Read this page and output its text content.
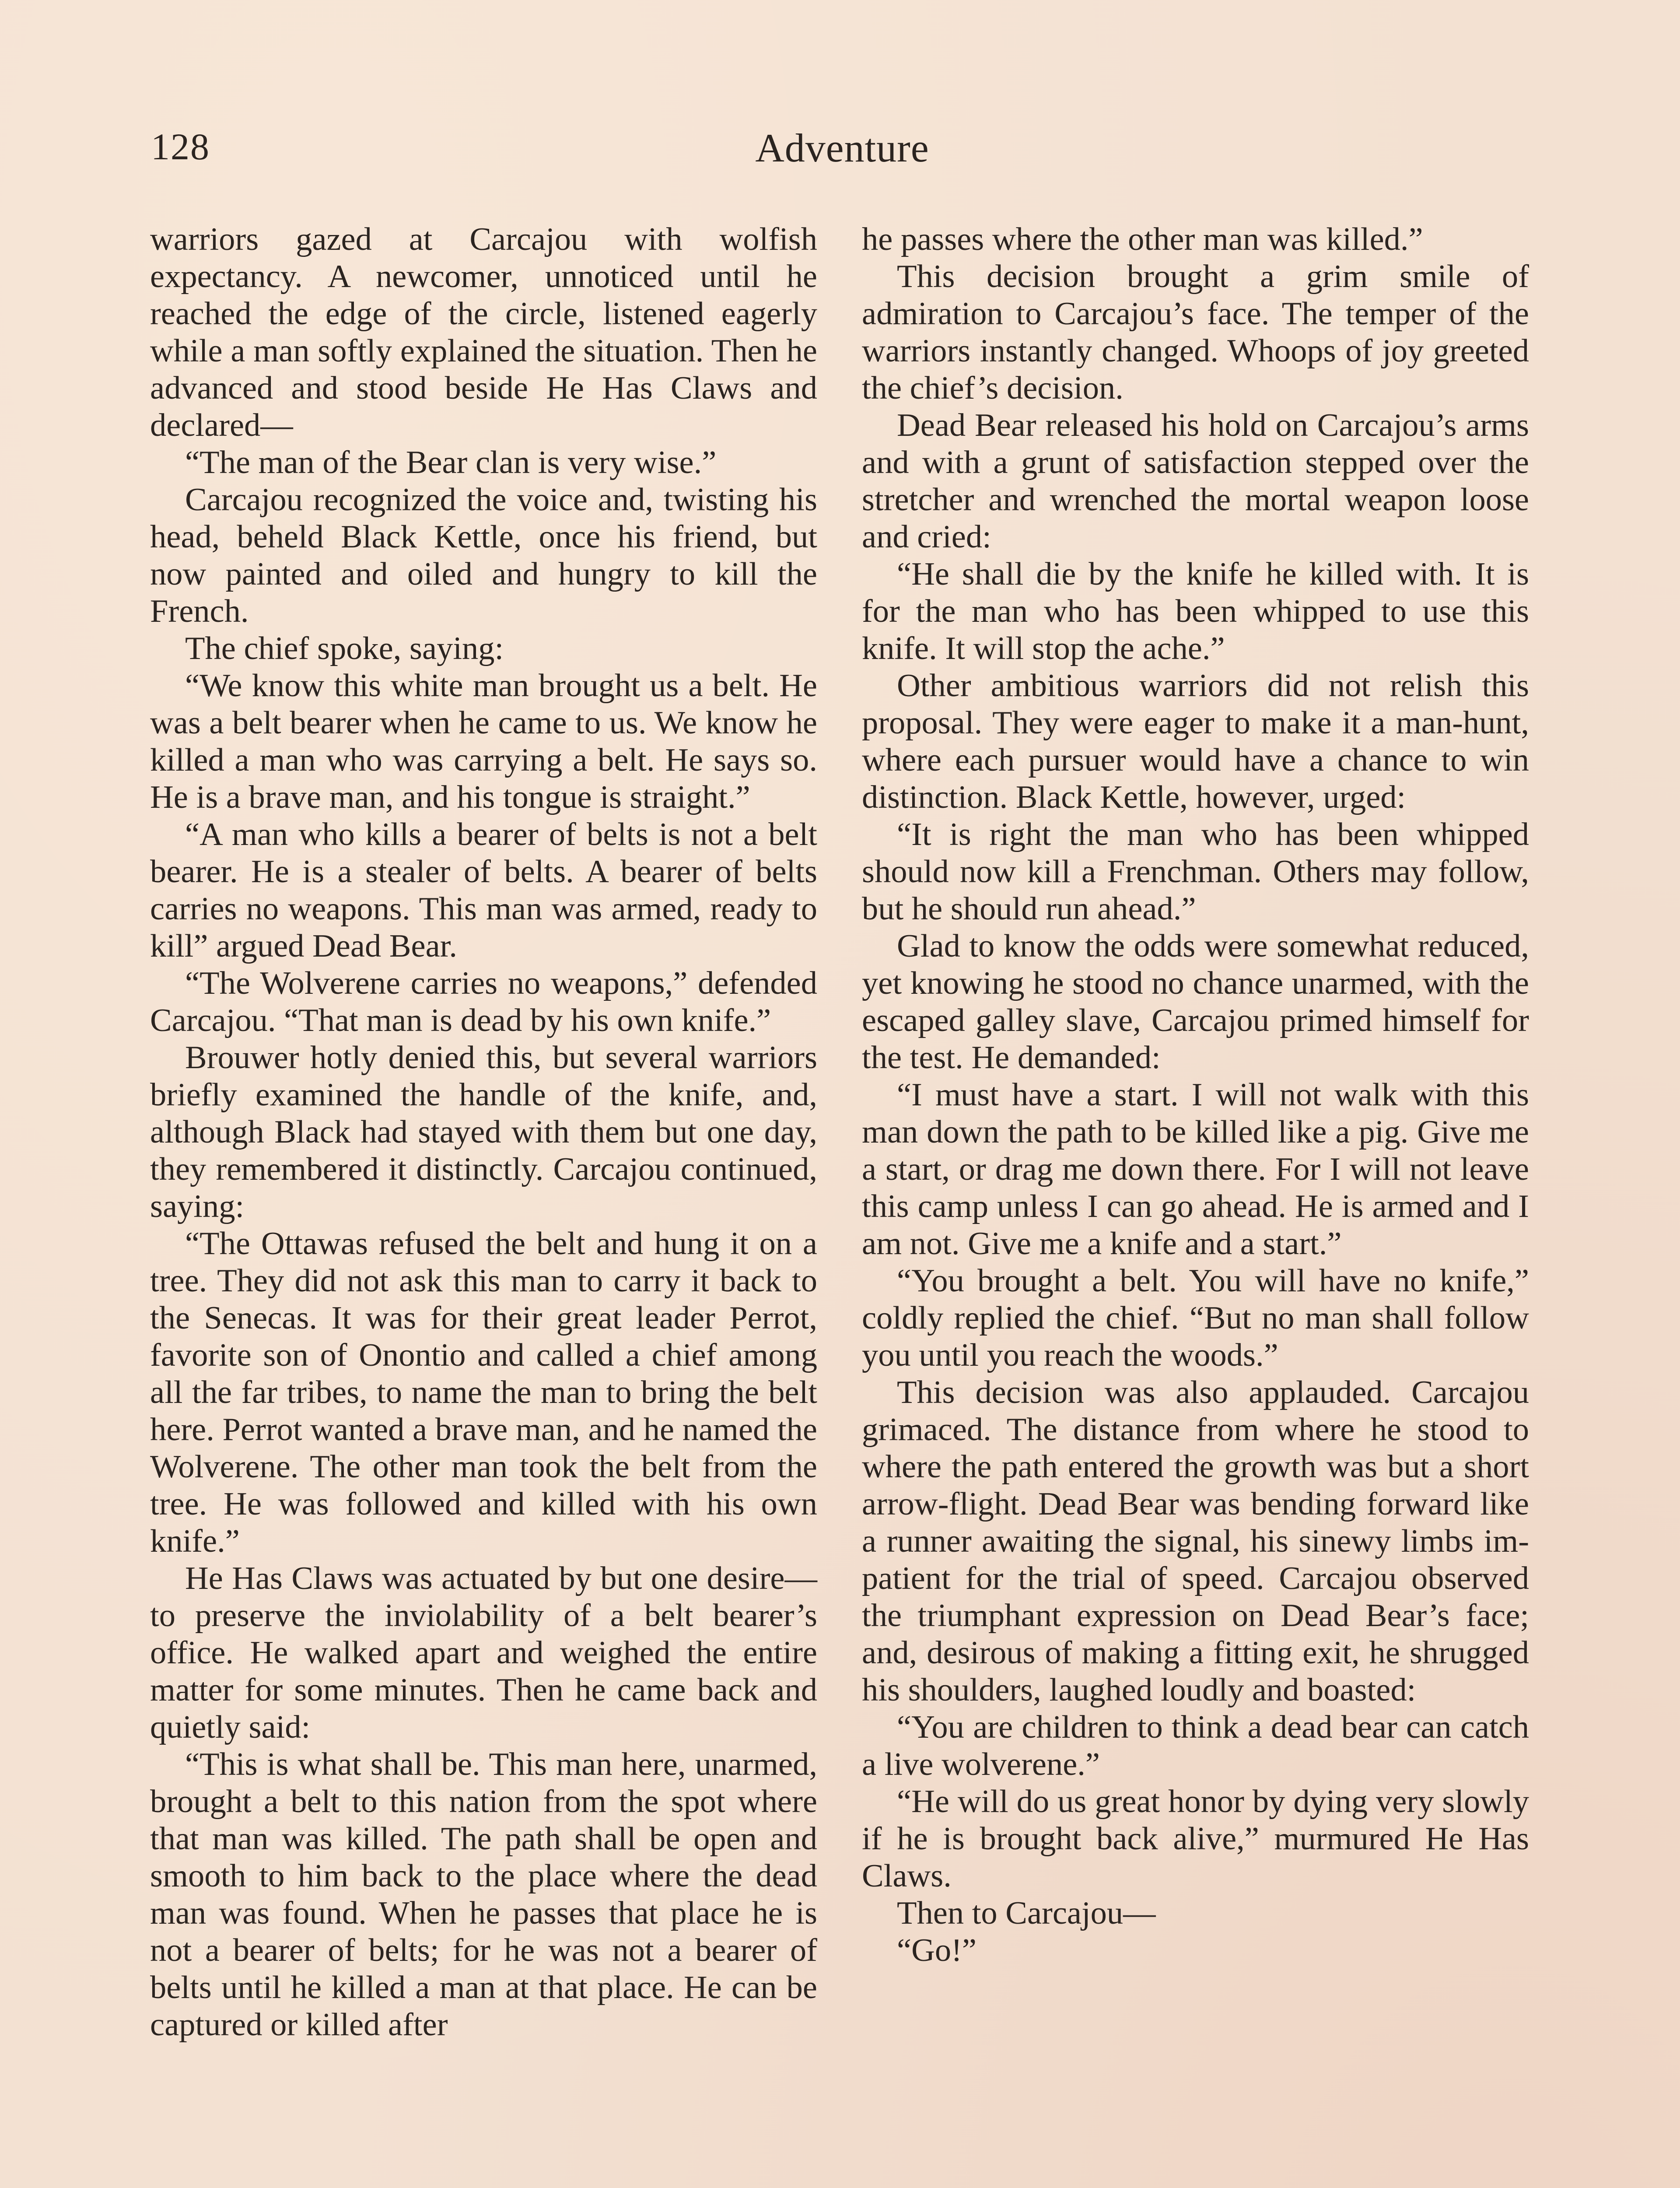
128	Adventure

warriors gazed at Carcajou with wolfish expectancy. A newcomer, unnoticed until he reached the edge of the circle, listened eagerly while a man softly explained the situation. Then he advanced and stood beside He Has Claws and declared—

“The man of the Bear clan is very wise.”

Carcajou recognized the voice and, twisting his head, beheld Black Kettle, once his friend, but now painted and oiled and hungry to kill the French.

The chief spoke, saying:

“We know this white man brought us a belt. He was a belt bearer when he came to us. We know he killed a man who was carrying a belt. He says so. He is a brave man, and his tongue is straight.”

“A man who kills a bearer of belts is not a belt bearer. He is a stealer of belts. A bearer of belts carries no weapons. This man was armed, ready to kill” argued Dead Bear.

“The Wolverene carries no weapons,” defended Carcajou. “That man is dead by his own knife.”

Brouwer hotly denied this, but several warriors briefly examined the handle of the knife, and, although Black had stayed with them but one day, they remembered it distinctly. Carcajou continued, saying:

“The Ottawas refused the belt and hung it on a tree. They did not ask this man to carry it back to the Senecas. It was for their great leader Perrot, favorite son of Onontio and called a chief among all the far tribes, to name the man to bring the belt here. Perrot wanted a brave man, and he named the Wolverene. The other man took the belt from the tree. He was followed and killed with his own knife.”

He Has Claws was actuated by but one desire—to preserve the inviolability of a belt bearer’s office. He walked apart and weighed the entire matter for some minutes. Then he came back and quietly said:

“This is what shall be. This man here, unarmed, brought a belt to this nation from the spot where that man was killed. The path shall be open and smooth to him back to the place where the dead man was found. When he passes that place he is not a bearer of belts; for he was not a bearer of belts until he killed a man at that place. He can be captured or killed after

he passes where the other man was killed.”

This decision brought a grim smile of admiration to Carcajou’s face. The temper of the warriors instantly changed. Whoops of joy greeted the chief’s decision.

Dead Bear released his hold on Carcajou’s arms and with a grunt of satisfaction stepped over the stretcher and wrenched the mortal weapon loose and cried:

“He shall die by the knife he killed with. It is for the man who has been whipped to use this knife. It will stop the ache.”

Other ambitious warriors did not relish this proposal. They were eager to make it a man-hunt, where each pursuer would have a chance to win distinction. Black Kettle, however, urged:

“It is right the man who has been whipped should now kill a Frenchman. Others may follow, but he should run ahead.”

Glad to know the odds were somewhat reduced, yet knowing he stood no chance unarmed, with the escaped galley slave, Carcajou primed himself for the test. He demanded:

“I must have a start. I will not walk with this man down the path to be killed like a pig. Give me a start, or drag me down there. For I will not leave this camp unless I can go ahead. He is armed and I am not. Give me a knife and a start.”

“You brought a belt. You will have no knife,” coldly replied the chief. “But no man shall follow you until you reach the woods.”

This decision was also applauded. Carcajou grimaced. The distance from where he stood to where the path entered the growth was but a short arrow-flight. Dead Bear was bending forward like a runner awaiting the signal, his sinewy limbs impatient for the trial of speed. Carcajou observed the triumphant expression on Dead Bear’s face; and, desirous of making a fitting exit, he shrugged his shoulders, laughed loudly and boasted:

“You are children to think a dead bear can catch a live wolverene.”

“He will do us great honor by dying very slowly if he is brought back alive,” murmured He Has Claws.

Then to Carcajou—

“Go!”
